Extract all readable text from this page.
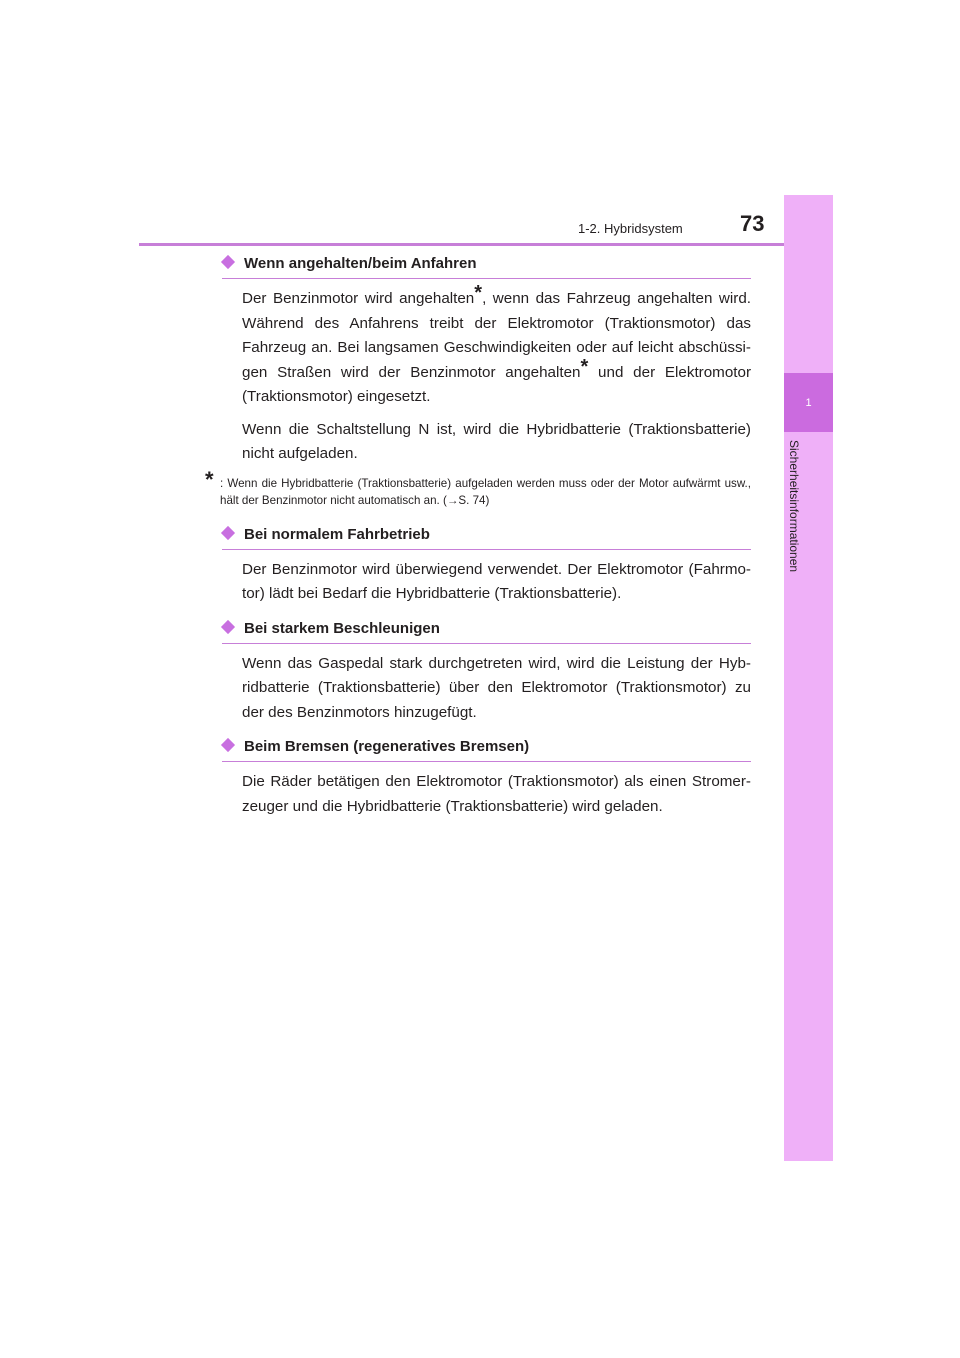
1-2. Hybridsystem	73
1
Sicherheitsinformationen
Wenn angehalten/beim Anfahren

Der Benzinmotor wird angehalten*, wenn das Fahrzeug angehalten wird. Während des Anfahrens treibt der Elektromotor (Traktionsmotor) das Fahrzeug an. Bei langsamen Geschwindigkeiten oder auf leicht abschüssi-gen Straßen wird der Benzinmotor angehalten* und der Elektromotor (Traktionsmotor) eingesetzt.

Wenn die Schaltstellung N ist, wird die Hybridbatterie (Traktionsbatterie) nicht aufgeladen.

* : Wenn die Hybridbatterie (Traktionsbatterie) aufgeladen werden muss oder der Motor aufwärmt usw., hält der Benzinmotor nicht automatisch an. (→S. 74)
Bei normalem Fahrbetrieb

Der Benzinmotor wird überwiegend verwendet. Der Elektromotor (Fahrmo-tor) lädt bei Bedarf die Hybridbatterie (Traktionsbatterie).

Bei starkem Beschleunigen

Wenn das Gaspedal stark durchgetreten wird, wird die Leistung der Hyb-ridbatterie (Traktionsbatterie) über den Elektromotor (Traktionsmotor) zu der des Benzinmotors hinzugefügt.

Beim Bremsen (regeneratives Bremsen)

Die Räder betätigen den Elektromotor (Traktionsmotor) als einen Stromer-zeuger und die Hybridbatterie (Traktionsbatterie) wird geladen.
